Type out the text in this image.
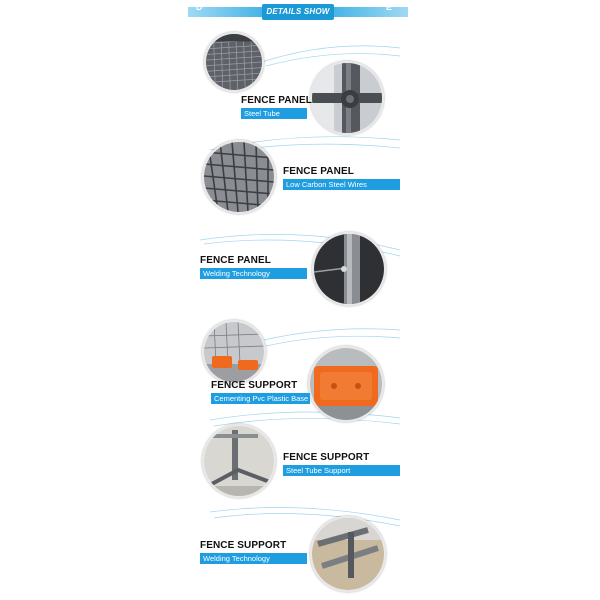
D	E
DETAILS SHOW
FENCE PANEL
Steel Tube
FENCE PANEL
Low Carbon Steel Wires
FENCE PANEL
Welding Technology
FENCE SUPPORT
Cementing Pvc Plastic Base
FENCE SUPPORT
Steel Tube Support
FENCE SUPPORT
Welding Technology
